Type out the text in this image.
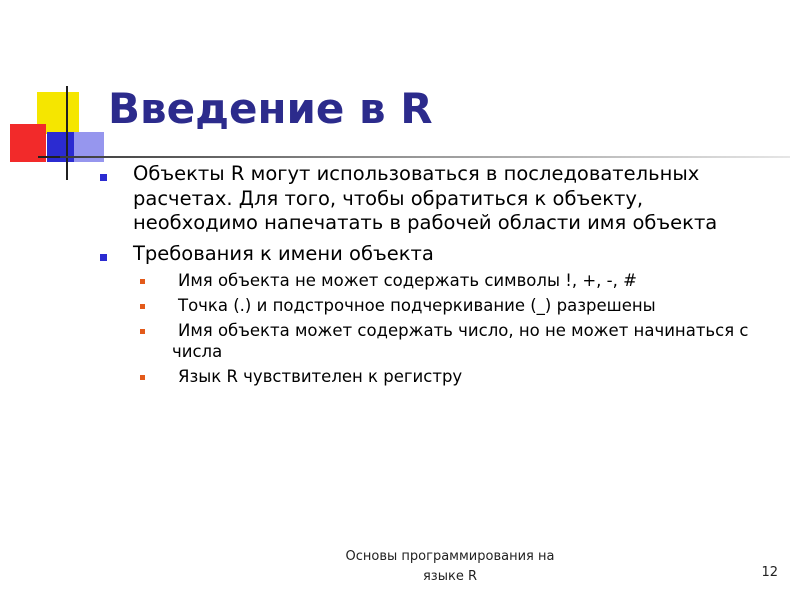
Введение в R
Объекты R могут использоваться в последовательных расчетах. Для того, чтобы обратиться к объекту, необходимо напечатать в рабочей области имя объекта
Требования к имени объекта
Имя объекта не может содержать символы !, +, -, #
Точка (.) и подстрочное подчеркивание (_) разрешены
Имя объекта может содержать число, но не может начинаться с числа
Язык R чувствителен к регистру
Основы программирования на языке R	12
